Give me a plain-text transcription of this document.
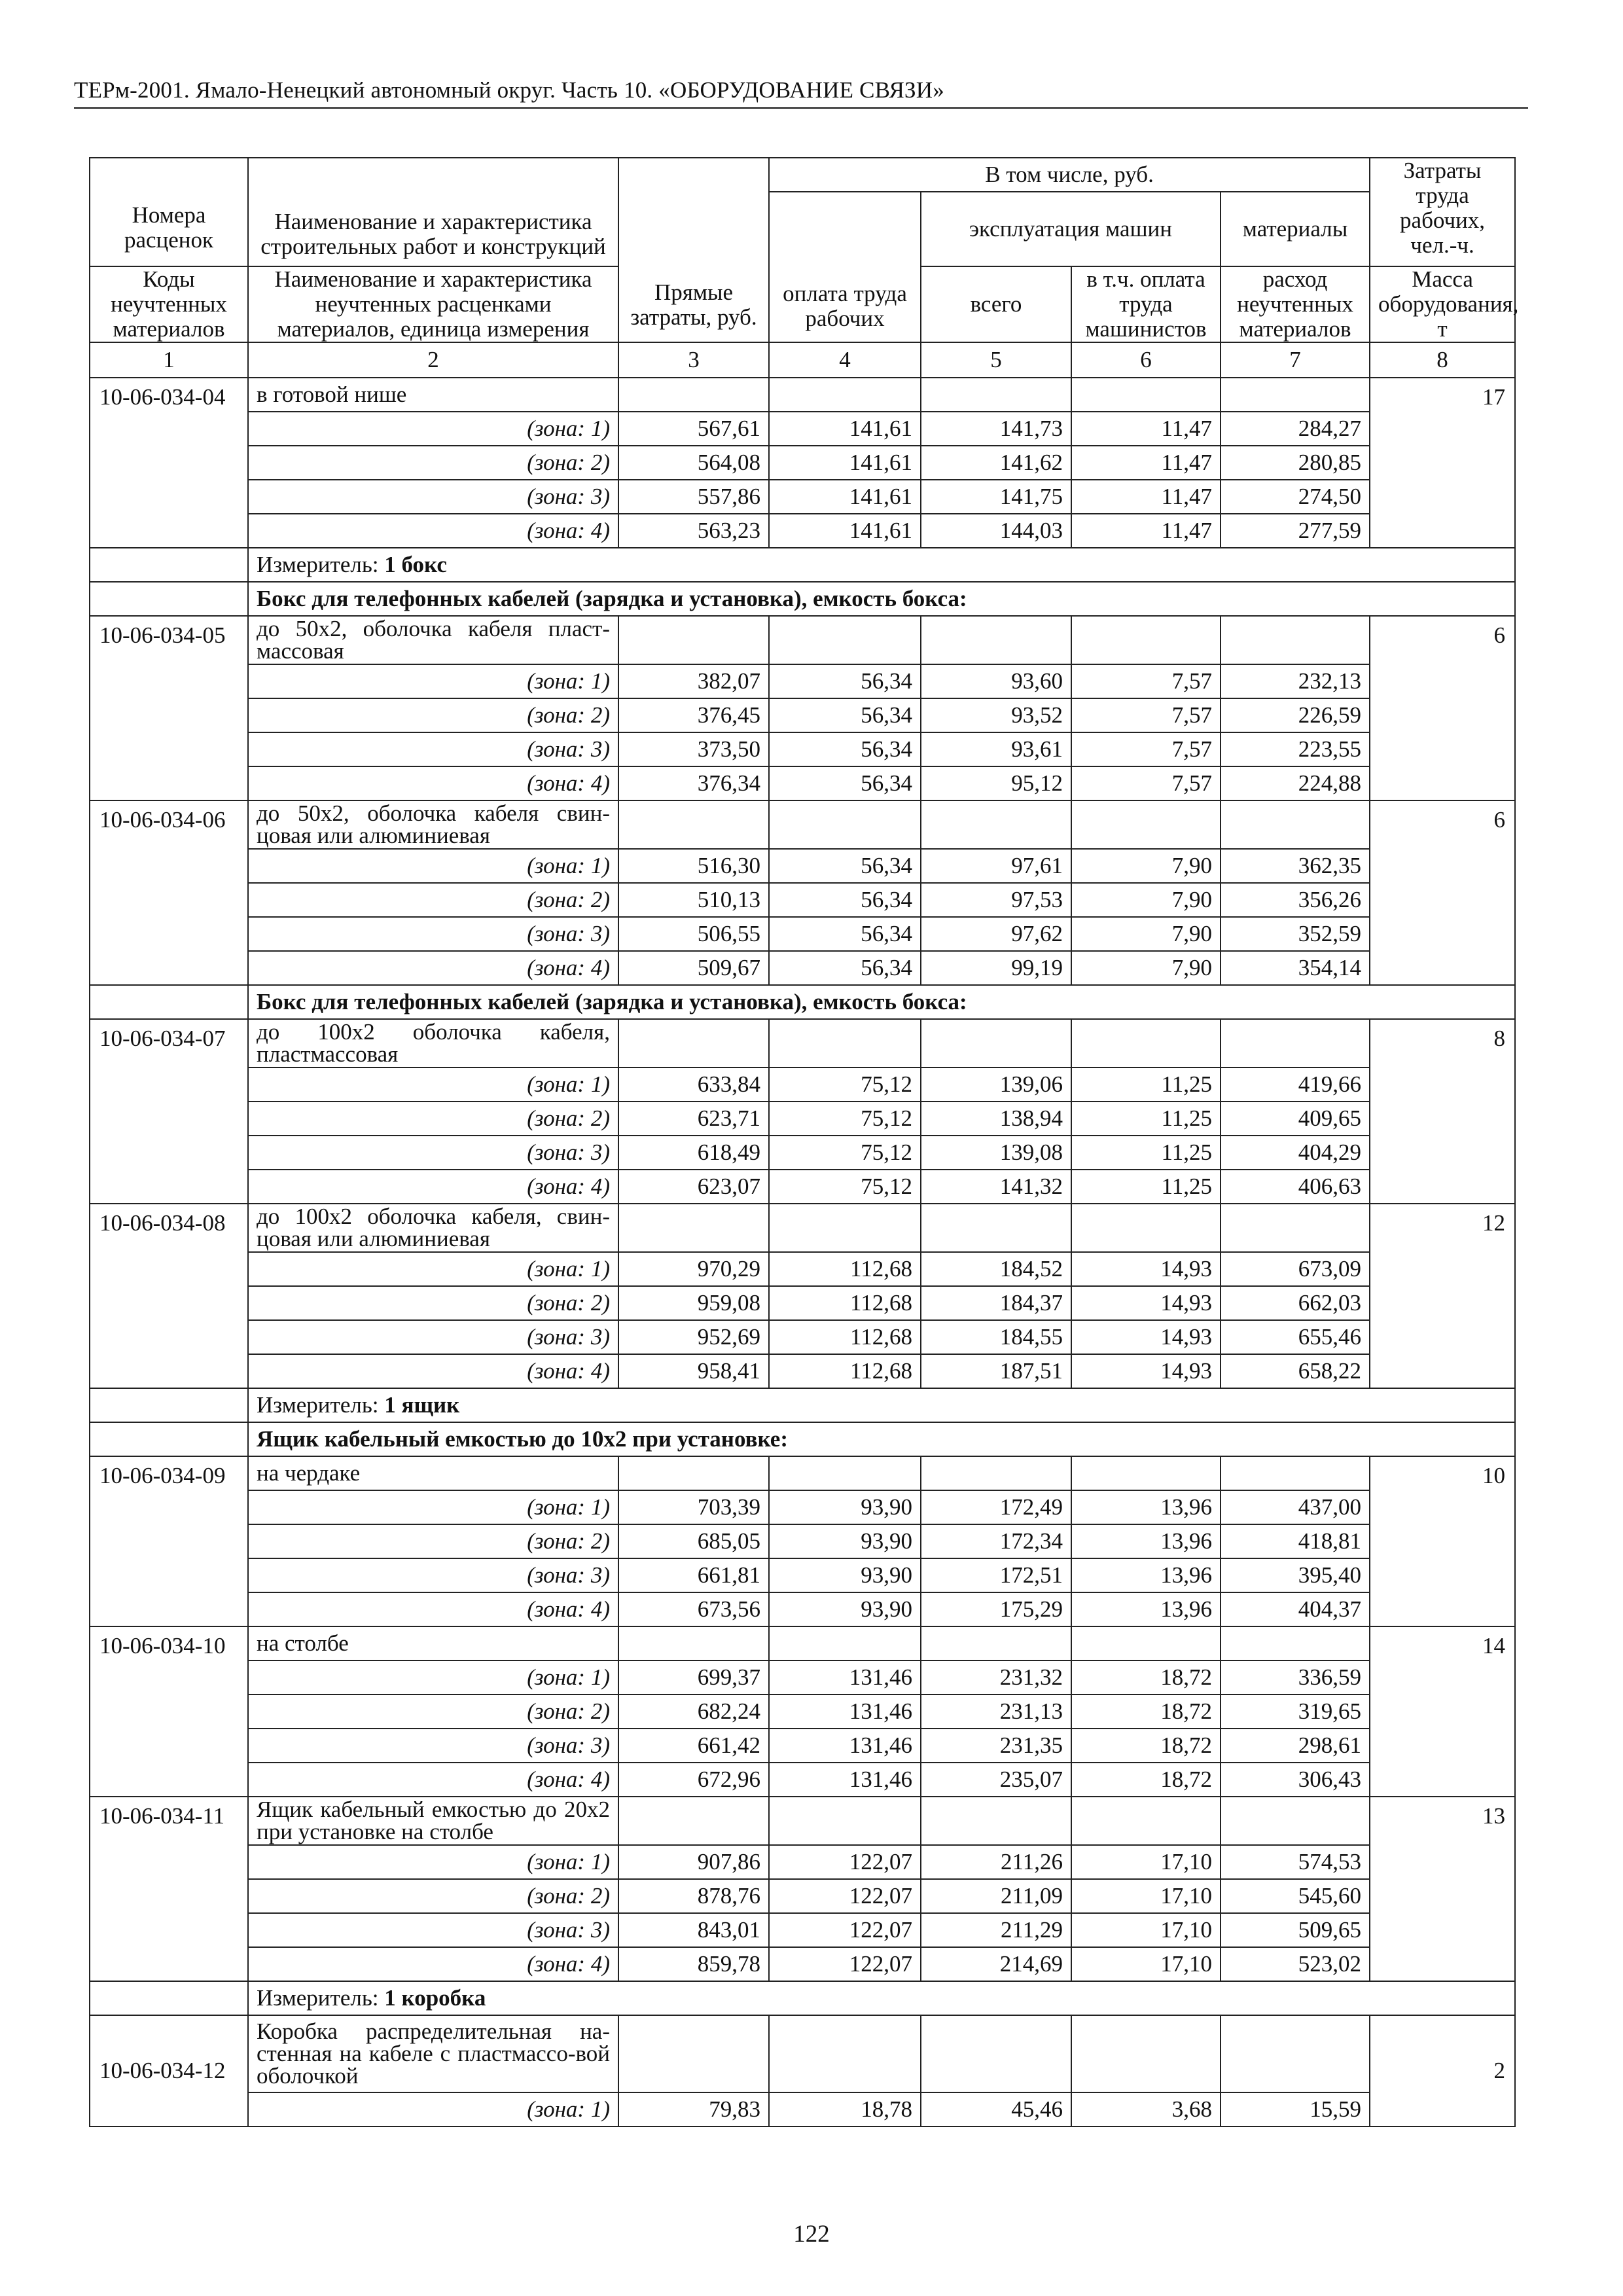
ТЕРм-2001. Ямало-Ненецкий автономный округ. Часть 10. «ОБОРУДОВАНИЕ СВЯЗИ»
Номера расценок	Наименование и характеристика строительных работ и конструкций	Прямые затраты, руб.	В том числе, руб.				Затраты труда рабочих, чел.-ч.
			оплата труда рабочих	эксплуатация машин		материалы	
Коды неучтенных материалов	Наименование и характеристика неучтенных расценками материалов, единица измерения			всего	в т.ч. оплата труда машинистов	расход неучтенных материалов	Масса оборудования, т
1	2	3	4	5	6	7	8
10-06-034-04	в готовой нише						17
	(зона: 1)	567,61	141,61	141,73	11,47	284,27	
	(зона: 2)	564,08	141,61	141,62	11,47	280,85	
	(зона: 3)	557,86	141,61	141,75	11,47	274,50	
	(зона: 4)	563,23	141,61	144,03	11,47	277,59	
	Измеритель: 1 бокс						
	Бокс для телефонных кабелей (зарядка и установка), емкость бокса:						
10-06-034-05	до 50х2, оболочка кабеля пласт-массовая						6
	(зона: 1)	382,07	56,34	93,60	7,57	232,13	
	(зона: 2)	376,45	56,34	93,52	7,57	226,59	
	(зона: 3)	373,50	56,34	93,61	7,57	223,55	
	(зона: 4)	376,34	56,34	95,12	7,57	224,88	
10-06-034-06	до 50х2, оболочка кабеля свин-цовая или алюминиевая						6
	(зона: 1)	516,30	56,34	97,61	7,90	362,35	
	(зона: 2)	510,13	56,34	97,53	7,90	356,26	
	(зона: 3)	506,55	56,34	97,62	7,90	352,59	
	(зона: 4)	509,67	56,34	99,19	7,90	354,14	
	Бокс для телефонных кабелей (зарядка и установка), емкость бокса:						
10-06-034-07	до 100х2 оболочка кабеля, пластмассовая						8
	(зона: 1)	633,84	75,12	139,06	11,25	419,66	
	(зона: 2)	623,71	75,12	138,94	11,25	409,65	
	(зона: 3)	618,49	75,12	139,08	11,25	404,29	
	(зона: 4)	623,07	75,12	141,32	11,25	406,63	
10-06-034-08	до 100х2 оболочка кабеля, свин-цовая или алюминиевая						12
	(зона: 1)	970,29	112,68	184,52	14,93	673,09	
	(зона: 2)	959,08	112,68	184,37	14,93	662,03	
	(зона: 3)	952,69	112,68	184,55	14,93	655,46	
	(зона: 4)	958,41	112,68	187,51	14,93	658,22	
	Измеритель: 1 ящик						
	Ящик кабельный емкостью до 10х2 при установке:						
10-06-034-09	на чердаке						10
	(зона: 1)	703,39	93,90	172,49	13,96	437,00	
	(зона: 2)	685,05	93,90	172,34	13,96	418,81	
	(зона: 3)	661,81	93,90	172,51	13,96	395,40	
	(зона: 4)	673,56	93,90	175,29	13,96	404,37	
10-06-034-10	на столбе						14
	(зона: 1)	699,37	131,46	231,32	18,72	336,59	
	(зона: 2)	682,24	131,46	231,13	18,72	319,65	
	(зона: 3)	661,42	131,46	231,35	18,72	298,61	
	(зона: 4)	672,96	131,46	235,07	18,72	306,43	
10-06-034-11	Ящик кабельный емкостью до 20х2 при установке на столбе						13
	(зона: 1)	907,86	122,07	211,26	17,10	574,53	
	(зона: 2)	878,76	122,07	211,09	17,10	545,60	
	(зона: 3)	843,01	122,07	211,29	17,10	509,65	
	(зона: 4)	859,78	122,07	214,69	17,10	523,02	
	Измеритель: 1 коробка						
10-06-034-12	Коробка распределительная на-стенная на кабеле с пластмассо-вой оболочкой						2
	(зона: 1)	79,83	18,78	45,46	3,68	15,59	
122
